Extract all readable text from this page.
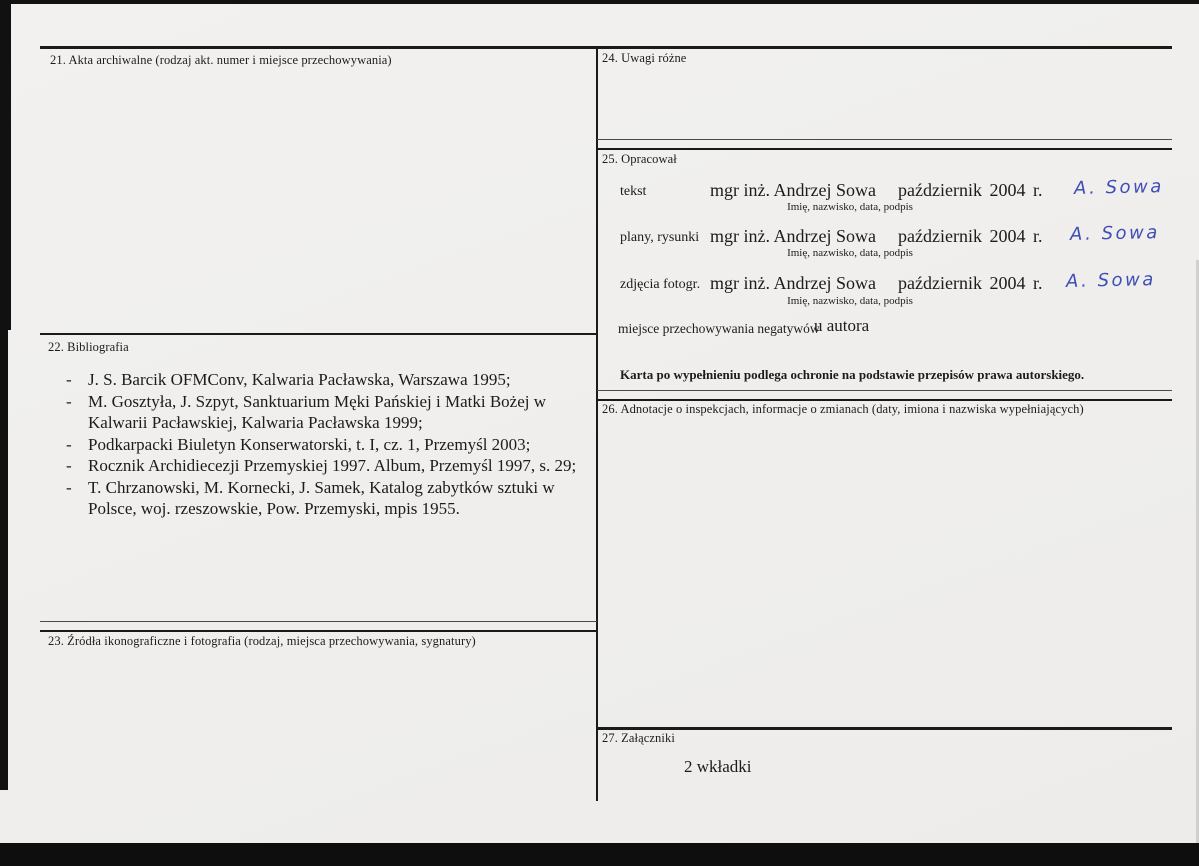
21. Akta archiwalne (rodzaj akt. numer i miejsce przechowywania)
22. Bibliografia
23. Źródła ikonograficzne i fotografia (rodzaj, miejsca przechowywania, sygnatury)
24. Uwagi różne
25. Opracował
26. Adnotacje o inspekcjach, informacje o zmianach (daty, imiona i nazwiska wypełniających)
27. Załączniki
- J. S. Barcik OFMConv, Kalwaria Pacławska, Warszawa 1995;
- M. Gosztyła, J. Szpyt, Sanktuarium Męki Pańskiej i Matki Bożej w Kalwarii Pacławskiej, Kalwaria Pacławska 1999;
- Podkarpacki Biuletyn Konserwatorski, t. I, cz. 1, Przemyśl 2003;
- Rocznik Archidiecezji Przemyskiej 1997. Album, Przemyśl 1997, s. 29;
- T. Chrzanowski, M. Kornecki, J. Samek, Katalog zabytków sztuki w Polsce, woj. rzeszowskie, Pow. Przemyski, mpis 1955.
tekst	mgr inż. Andrzej Sowa październik 2004 r. A. Sowa
Imię, nazwisko, data, podpis
plany, rysunki mgr inż. Andrzej Sowa październik 2004 r. A. Sowa
Imię, nazwisko, data, podpis
zdjęcia fotogr. mgr inż. Andrzej Sowa październik 2004 r. A. Sowa
Imię, nazwisko, data, podpis
miejsce przechowywania negatywów
u autora
Karta po wypełnieniu podlega ochronie na podstawie przepisów prawa autorskiego.
2 wkładki
